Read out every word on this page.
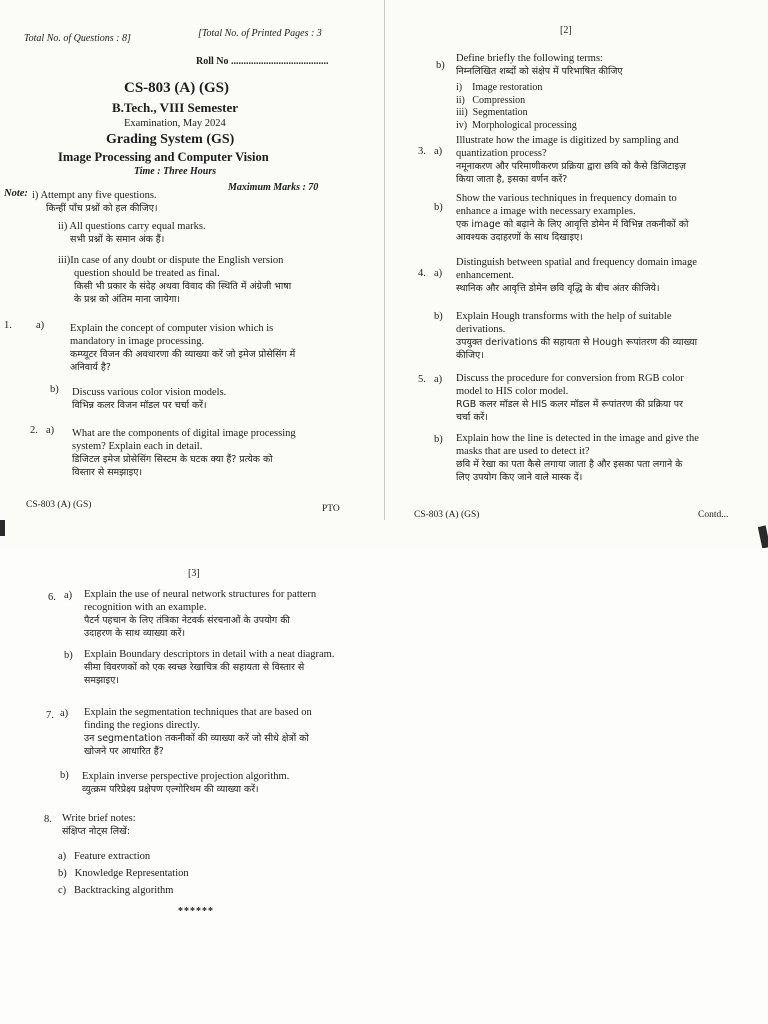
Total No. of Questions : 8]	[Total No. of Printed Pages : 3
Roll No .......................................
CS-803 (A) (GS)
B.Tech., VIII Semester
Examination, May 2024
Grading System (GS)
Image Processing and Computer Vision
Time : Three Hours
Maximum Marks : 70
Note: i) Attempt any five questions.
किन्हीं पाँच प्रश्नों को हल कीजिए।
ii) All questions carry equal marks.
सभी प्रश्नों के समान अंक हैं।
iii)In case of any doubt or dispute the English version
question should be treated as final.
किसी भी प्रकार के संदेह अथवा विवाद की स्थिति में अंग्रेजी भाषा
के प्रश्न को अंतिम माना जायेगा।
1. a) Explain the concept of computer vision which is
mandatory in image processing.
कम्प्यूटर विजन की अवधारणा की व्याख्या करें जो इमेज प्रोसेसिंग में
अनिवार्य है?
b) Discuss various color vision models.
विभिन्न कलर विजन मॉडल पर चर्चा करें।
2. a) What are the components of digital image processing
system? Explain each in detail.
डिजिटल इमेज प्रोसेसिंग सिस्टम के घटक क्या हैं? प्रत्येक को
विस्तार से समझाइए।
CS-803 (A) (GS)	PTO
[2]
b)
Define briefly the following terms:
निम्नलिखित शब्दों को संक्षेप में परिभाषित कीजिए
i)    Image restoration
ii)   Compression
iii)  Segmentation
iv)  Morphological processing
3. a)
Illustrate how the image is digitized by sampling and
quantization process?
नमूनाकरण और परिमाणीकरण प्रक्रिया द्वारा छवि को कैसे डिजिटाइज़
किया जाता है, इसका वर्णन करें?
b)
Show the various techniques in frequency domain to
enhance a image with necessary examples.
एक image को बढ़ाने के लिए आवृत्ति डोमेन में विभिन्न तकनीकों को
आवश्यक उदाहरणों के साथ दिखाइए।
4. a)
Distinguish between spatial and frequency domain image
enhancement.
स्थानिक और आवृत्ति डोमेन छवि वृद्धि के बीच अंतर कीजिये।
b) Explain Hough transforms with the help of suitable
derivations.
उपयुक्त derivations की सहायता से Hough रूपांतरण की व्याख्या
कीजिए।
5. a) Discuss the procedure for conversion from RGB color
model to HIS color model.
RGB कलर मॉडल से HIS कलर मॉडल में रूपांतरण की प्रक्रिया पर
चर्चा करें।
b) Explain how the line is detected in the image and give the
masks that are used to detect it?
छवि में रेखा का पता कैसे लगाया जाता है और इसका पता लगाने के
लिए उपयोग किए जाने वाले मास्क दें।
CS-803 (A) (GS)	Contd...
[3]
6. a) Explain the use of neural network structures for pattern
recognition with an example.
पैटर्न पहचान के लिए तंत्रिका नेटवर्क संरचनाओं के उपयोग की
उदाहरण के साथ व्याख्या करें।
b) Explain Boundary descriptors in detail with a neat diagram.
सीमा विवरणकों को एक स्वच्छ रेखाचित्र की सहायता से विस्तार से
समझाइए।
7. a) Explain the segmentation techniques that are based on
finding the regions directly.
उन segmentation तकनीकों की व्याख्या करें जो सीधे क्षेत्रों को
खोजने पर आधारित हैं?
b) Explain inverse perspective projection algorithm.
व्युत्क्रम परिप्रेक्ष्य प्रक्षेपण एल्गोरिथम की व्याख्या करें।
8. Write brief notes:
संक्षिप्त नोट्स लिखें:
a) Feature extraction
b) Knowledge Representation
c) Backtracking algorithm
******
